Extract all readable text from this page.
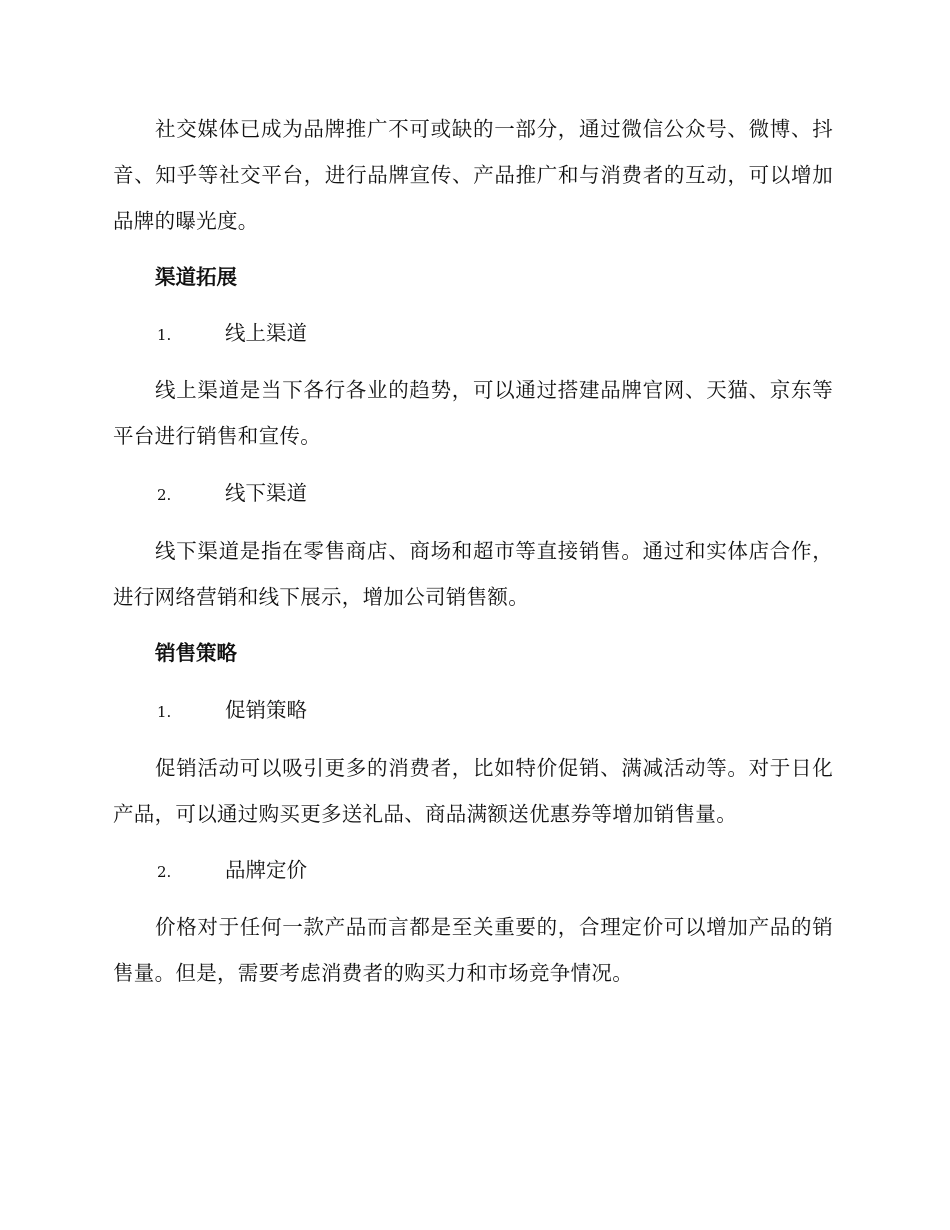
社交媒体已成为品牌推广不可或缺的一部分，通过微信公众号、微博、抖音、知乎等社交平台，进行品牌宣传、产品推广和与消费者的互动，可以增加品牌的曝光度。

渠道拓展
1.	线上渠道

线上渠道是当下各行各业的趋势，可以通过搭建品牌官网、天猫、京东等平台进行销售和宣传。

2.	线下渠道

线下渠道是指在零售商店、商场和超市等直接销售。通过和实体店合作，进行网络营销和线下展示，增加公司销售额。

销售策略
1.	促销策略

促销活动可以吸引更多的消费者，比如特价促销、满减活动等。对于日化产品，可以通过购买更多送礼品、商品满额送优惠券等增加销售量。

2.	品牌定价

价格对于任何一款产品而言都是至关重要的，合理定价可以增加产品的销售量。但是，需要考虑消费者的购买力和市场竞争情况。
